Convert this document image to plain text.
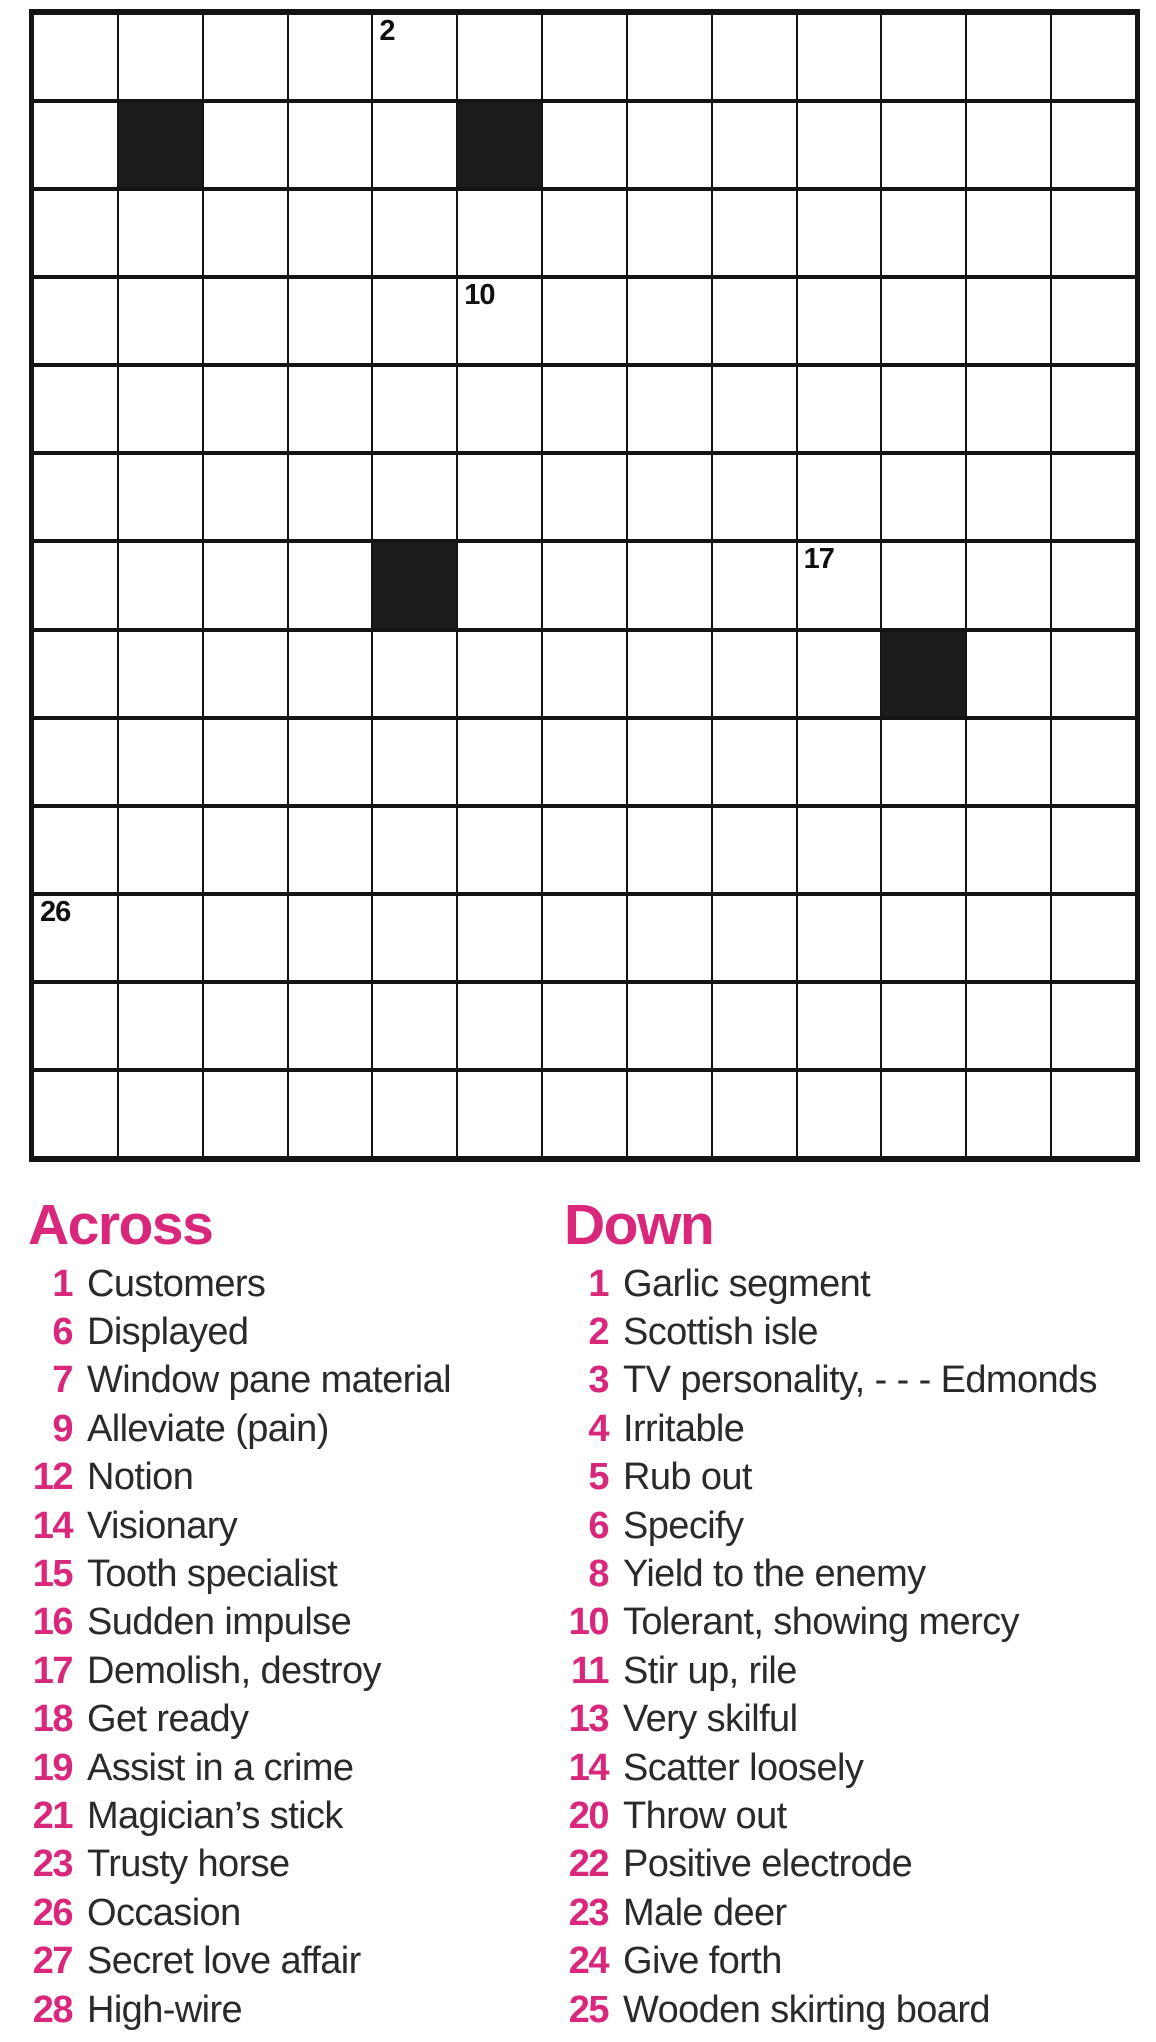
2
10
17
26
Across
1 Customers
6 Displayed
7 Window pane material
9 Alleviate (pain)
12 Notion
14 Visionary
15 Tooth specialist
16 Sudden impulse
17 Demolish, destroy
18 Get ready
19 Assist in a crime
21 Magician’s stick
23 Trusty horse
26 Occasion
27 Secret love affair
28 High-wire
Down
1 Garlic segment
2 Scottish isle
3 TV personality, - - - Edmonds
4 Irritable
5 Rub out
6 Specify
8 Yield to the enemy
10 Tolerant, showing mercy
11 Stir up, rile
13 Very skilful
14 Scatter loosely
20 Throw out
22 Positive electrode
23 Male deer
24 Give forth
25 Wooden skirting board
